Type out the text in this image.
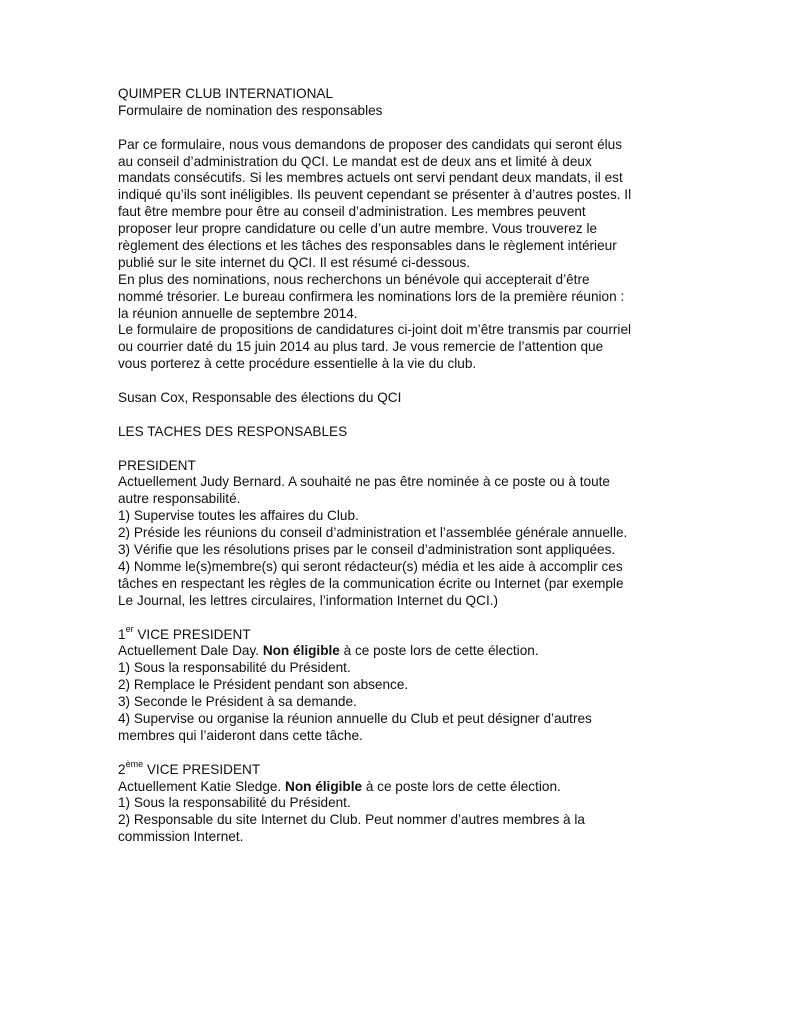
QUIMPER CLUB INTERNATIONAL
Formulaire de nomination des responsables
Par ce formulaire, nous vous demandons de proposer des candidats qui seront élus
au conseil d’administration du QCI. Le mandat est de deux ans et limité à deux
mandats consécutifs. Si les membres actuels ont servi pendant deux mandats, il est
indiqué qu’ils sont inéligibles. Ils peuvent cependant se présenter à d’autres postes. Il
faut être membre pour être au conseil d’administration. Les membres peuvent
proposer leur propre candidature ou celle d’un autre membre. Vous trouverez le
règlement des élections et les tâches des responsables dans le règlement intérieur
publié sur le site internet du QCI. Il est résumé ci-dessous.
En plus des nominations, nous recherchons un bénévole qui accepterait d’être
nommé trésorier. Le bureau confirmera les nominations lors de la première réunion :
la réunion annuelle de septembre 2014.
Le formulaire de propositions de candidatures ci-joint doit m’être transmis par courriel
ou courrier daté du 15 juin 2014 au plus tard. Je vous remercie de l’attention que
vous porterez à cette procédure essentielle à la vie du club.
Susan Cox, Responsable des élections du QCI
LES TACHES DES RESPONSABLES
PRESIDENT
Actuellement Judy Bernard. A souhaité ne pas être nominée à ce poste ou à toute
autre responsabilité.
1) Supervise toutes les affaires du Club.
2) Préside les réunions du conseil d’administration et l’assemblée générale annuelle.
3) Vérifie que les résolutions prises par le conseil d’administration sont appliquées.
4) Nomme le(s)membre(s) qui seront rédacteur(s) média et les aide à accomplir ces
tâches en respectant les règles de la communication écrite ou Internet (par exemple
Le Journal, les lettres circulaires, l’information Internet du QCI.)
1er VICE PRESIDENT
Actuellement Dale Day. Non éligible à ce poste lors de cette élection.
1) Sous la responsabilité du Président.
2) Remplace le Président pendant son absence.
3) Seconde le Président à sa demande.
4) Supervise ou organise la réunion annuelle du Club et peut désigner d’autres
membres qui l’aideront dans cette tâche.
2ème VICE PRESIDENT
Actuellement Katie Sledge. Non éligible à ce poste lors de cette élection.
1) Sous la responsabilité du Président.
2) Responsable du site Internet du Club. Peut nommer d’autres membres à la
commission Internet.
